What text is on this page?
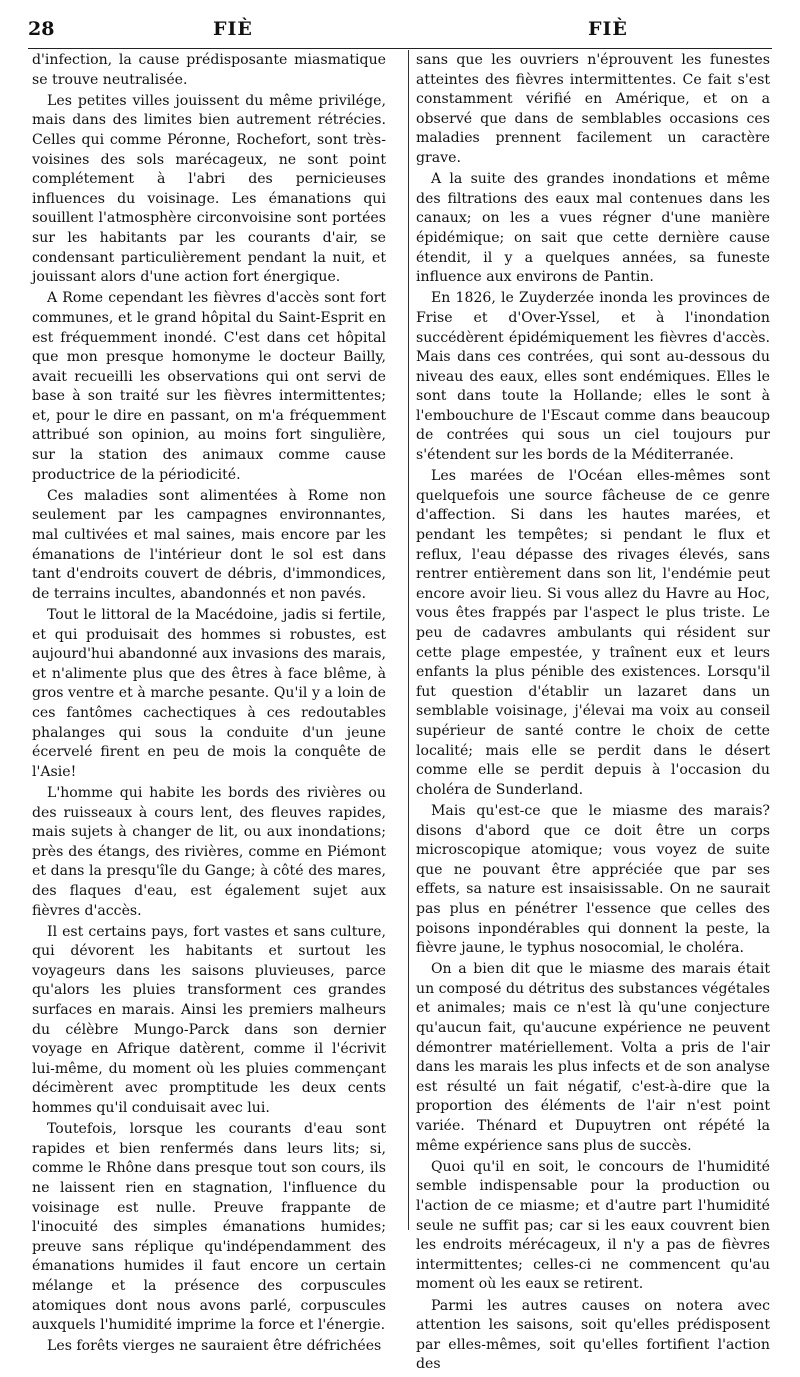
28	FIÈ	FIÈ

d'infection, la cause prédisposante miasmatique se trouve neutralisée.

Les petites villes jouissent du même privilége, mais dans des limites bien autrement rétrécies. Celles qui comme Péronne, Rochefort, sont très-voisines des sols marécageux, ne sont point complétement à l'abri des pernicieuses influences du voisinage. Les émanations qui souillent l'atmosphère circonvoisine sont portées sur les habitants par les courants d'air, se condensant particulièrement pendant la nuit, et jouissant alors d'une action fort énergique.

A Rome cependant les fièvres d'accès sont fort communes, et le grand hôpital du Saint-Esprit en est fréquemment inondé. C'est dans cet hôpital que mon presque homonyme le docteur Bailly, avait recueilli les observations qui ont servi de base à son traité sur les fièvres intermittentes; et, pour le dire en passant, on m'a fréquemment attribué son opinion, au moins fort singulière, sur la station des animaux comme cause productrice de la périodicité.

Ces maladies sont alimentées à Rome non seulement par les campagnes environnantes, mal cultivées et mal saines, mais encore par les émanations de l'intérieur dont le sol est dans tant d'endroits couvert de débris, d'immondices, de terrains incultes, abandonnés et non pavés.

Tout le littoral de la Macédoine, jadis si fertile, et qui produisait des hommes si robustes, est aujourd'hui abandonné aux invasions des marais, et n'alimente plus que des êtres à face blême, à gros ventre et à marche pesante. Qu'il y a loin de ces fantômes cachectiques à ces redoutables phalanges qui sous la conduite d'un jeune écervelé firent en peu de mois la conquête de l'Asie!

L'homme qui habite les bords des rivières ou des ruisseaux à cours lent, des fleuves rapides, mais sujets à changer de lit, ou aux inondations; près des étangs, des rivières, comme en Piémont et dans la presqu'île du Gange; à côté des mares, des flaques d'eau, est également sujet aux fièvres d'accès.

Il est certains pays, fort vastes et sans culture, qui dévorent les habitants et surtout les voyageurs dans les saisons pluvieuses, parce qu'alors les pluies transforment ces grandes surfaces en marais. Ainsi les premiers malheurs du célèbre Mungo-Parck dans son dernier voyage en Afrique datèrent, comme il l'écrivit lui-même, du moment où les pluies commençant décimèrent avec promptitude les deux cents hommes qu'il conduisait avec lui.

Toutefois, lorsque les courants d'eau sont rapides et bien renfermés dans leurs lits; si, comme le Rhône dans presque tout son cours, ils ne laissent rien en stagnation, l'influence du voisinage est nulle. Preuve frappante de l'inocuité des simples émanations humides; preuve sans réplique qu'indépendamment des émanations humides il faut encore un certain mélange et la présence des corpuscules atomiques dont nous avons parlé, corpuscules auxquels l'humidité imprime la force et l'énergie.

Les forêts vierges ne sauraient être défrichées

sans que les ouvriers n'éprouvent les funestes atteintes des fièvres intermittentes. Ce fait s'est constamment vérifié en Amérique, et on a observé que dans de semblables occasions ces maladies prennent facilement un caractère grave.

A la suite des grandes inondations et même des filtrations des eaux mal contenues dans les canaux; on les a vues régner d'une manière épidémique; on sait que cette dernière cause étendit, il y a quelques années, sa funeste influence aux environs de Pantin.

En 1826, le Zuyderzée inonda les provinces de Frise et d'Over-Yssel, et à l'inondation succédèrent épidémiquement les fièvres d'accès. Mais dans ces contrées, qui sont au-dessous du niveau des eaux, elles sont endémiques. Elles le sont dans toute la Hollande; elles le sont à l'embouchure de l'Escaut comme dans beaucoup de contrées qui sous un ciel toujours pur s'étendent sur les bords de la Méditerranée.

Les marées de l'Océan elles-mêmes sont quelquefois une source fâcheuse de ce genre d'affection. Si dans les hautes marées, et pendant les tempêtes; si pendant le flux et reflux, l'eau dépasse des rivages élevés, sans rentrer entièrement dans son lit, l'endémie peut encore avoir lieu. Si vous allez du Havre au Hoc, vous êtes frappés par l'aspect le plus triste. Le peu de cadavres ambulants qui résident sur cette plage empestée, y traînent eux et leurs enfants la plus pénible des existences. Lorsqu'il fut question d'établir un lazaret dans un semblable voisinage, j'élevai ma voix au conseil supérieur de santé contre le choix de cette localité; mais elle se perdit dans le désert comme elle se perdit depuis à l'occasion du choléra de Sunderland.

Mais qu'est-ce que le miasme des marais? disons d'abord que ce doit être un corps microscopique atomique; vous voyez de suite que ne pouvant être appréciée que par ses effets, sa nature est insaisissable. On ne saurait pas plus en pénétrer l'essence que celles des poisons inpondérables qui donnent la peste, la fièvre jaune, le typhus nosocomial, le choléra.

On a bien dit que le miasme des marais était un composé du détritus des substances végétales et animales; mais ce n'est là qu'une conjecture qu'aucun fait, qu'aucune expérience ne peuvent démontrer matériellement. Volta a pris de l'air dans les marais les plus infects et de son analyse est résulté un fait négatif, c'est-à-dire que la proportion des éléments de l'air n'est point variée. Thénard et Dupuytren ont répété la même expérience sans plus de succès.

Quoi qu'il en soit, le concours de l'humidité semble indispensable pour la production ou l'action de ce miasme; et d'autre part l'humidité seule ne suffit pas; car si les eaux couvrent bien les endroits mérécageux, il n'y a pas de fièvres intermittentes; celles-ci ne commencent qu'au moment où les eaux se retirent.

Parmi les autres causes on notera avec attention les saisons, soit qu'elles prédisposent par elles-mêmes, soit qu'elles fortifient l'action des
